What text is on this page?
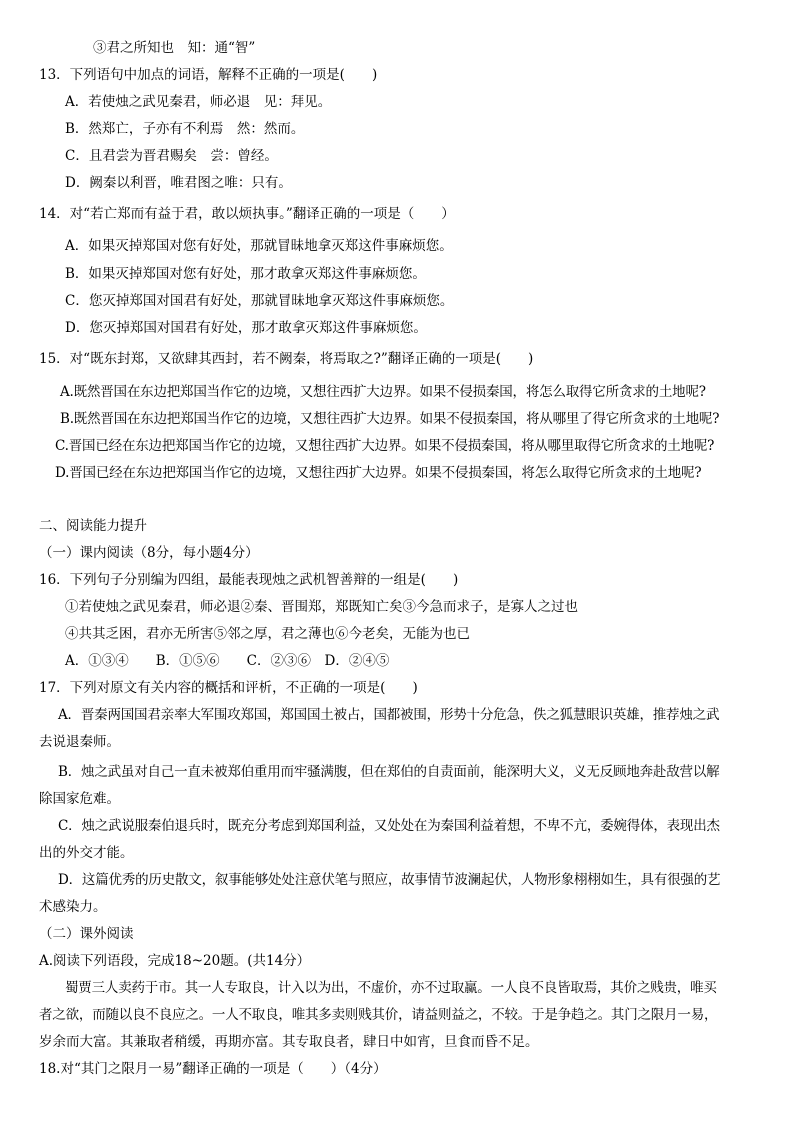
③君之所知也　知：通“智”
13．下列语句中加点的词语，解释不正确的一项是(　　)
A．若使烛之武见秦君，师必退　见：拜见。
B．然郑亡，子亦有不利焉　然：然而。
C．且君尝为晋君赐矣　尝：曾经。
D．阙秦以利晋，唯君图之唯：只有。
14．对“若亡郑而有益于君，敢以烦执事。”翻译正确的一项是（　　）
A．如果灭掉郑国对您有好处，那就冒昧地拿灭郑这件事麻烦您。
B．如果灭掉郑国对您有好处，那才敢拿灭郑这件事麻烦您。
C．您灭掉郑国对国君有好处，那就冒昧地拿灭郑这件事麻烦您。
D．您灭掉郑国对国君有好处，那才敢拿灭郑这件事麻烦您。
15．对“既东封郑，又欲肆其西封，若不阙秦，将焉取之?”翻译正确的一项是(　　)
A.既然晋国在东边把郑国当作它的边境，又想往西扩大边界。如果不侵损秦国，将怎么取得它所贪求的土地呢?
B.既然晋国在东边把郑国当作它的边境，又想往西扩大边界。如果不侵损秦国，将从哪里了得它所贪求的土地呢?
C.晋国已经在东边把郑国当作它的边境，又想往西扩大边界。如果不侵损秦国，将从哪里取得它所贪求的土地呢?
D.晋国已经在东边把郑国当作它的边境，又想往西扩大边界。如果不侵损秦国，将怎么取得它所贪求的土地呢?
二、阅读能力提升
（一）课内阅读（8分，每小题4分）
16．下列句子分别编为四组，最能表现烛之武机智善辩的一组是(　　)
①若使烛之武见秦君，师必退②秦、晋围郑，郑既知亡矣③今急而求子，是寡人之过也
④共其乏困，君亦无所害⑤邻之厚，君之薄也⑥今老矣，无能为也已
A．①③④　　B．①⑤⑥　　C．②③⑥　D．②④⑤
17．下列对原文有关内容的概括和评析，不正确的一项是(　　)
A．晋秦两国国君亲率大军围攻郑国，郑国国土被占，国都被围，形势十分危急，佚之狐慧眼识英雄，推荐烛之武
去说退秦师。
B．烛之武虽对自己一直未被郑伯重用而牢骚满腹，但在郑伯的自责面前，能深明大义，义无反顾地奔赴敌营以解
除国家危难。
C．烛之武说服秦伯退兵时，既充分考虑到郑国利益，又处处在为秦国利益着想，不卑不亢，委婉得体，表现出杰
出的外交才能。
D．这篇优秀的历史散文，叙事能够处处注意伏笔与照应，故事情节波澜起伏，人物形象栩栩如生，具有很强的艺
术感染力。
（二）课外阅读
A.阅读下列语段，完成18~20题。(共14分）
蜀贾三人卖药于市。其一人专取良，计入以为出，不虚价，亦不过取赢。一人良不良皆取焉，其价之贱贵，唯买
者之欲，而随以良不良应之。一人不取良，唯其多卖则贱其价，请益则益之，不较。于是争趋之。其门之限月一易，
岁余而大富。其兼取者稍缓，再期亦富。其专取良者，肆日中如宵，旦食而昏不足。
18.对“其门之限月一易”翻译正确的一项是（　　）（4分）
